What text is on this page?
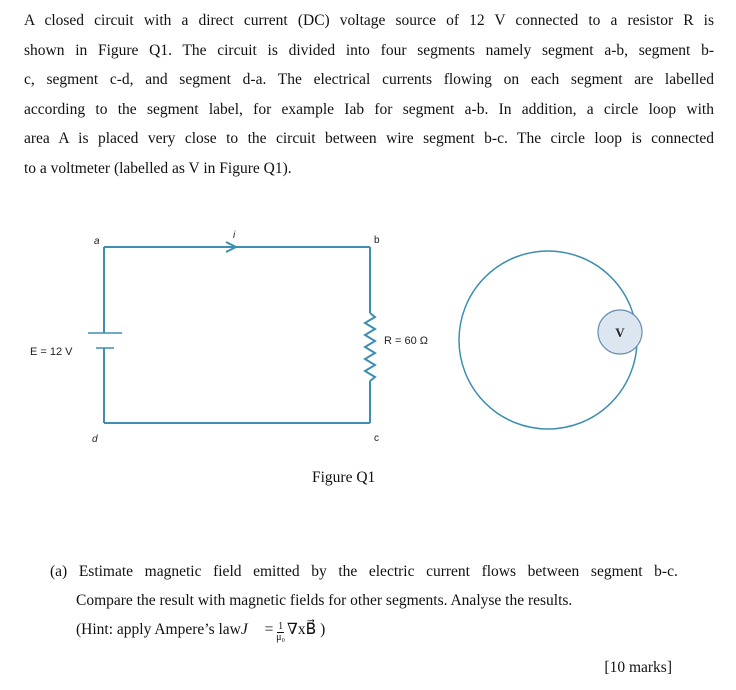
A closed circuit with a direct current (DC) voltage source of 12 V connected to a resistor R is
shown in Figure Q1. The circuit is divided into four segments namely segment a-b, segment b-
c, segment c-d, and segment d-a. The electrical currents flowing on each segment are labelled
according to the segment label, for example Iab for segment a-b. In addition, a circle loop with
area A is placed very close to the circuit between wire segment b-c. The circle loop is connected
to a voltmeter (labelled as V in Figure Q1).
V
a	b
c
d
i
E = 12 V
R = 60 Ω
Figure Q1
(a) Estimate magnetic field emitted by the electric current flows between segment b-c.
Compare the result with magnetic fields for other segments. Analyse the results.
(Hint: apply Ampere’s law J⃗ = $\frac{1}{\text{μ₀}}$ ∇xB⃗ )
[10 marks]
